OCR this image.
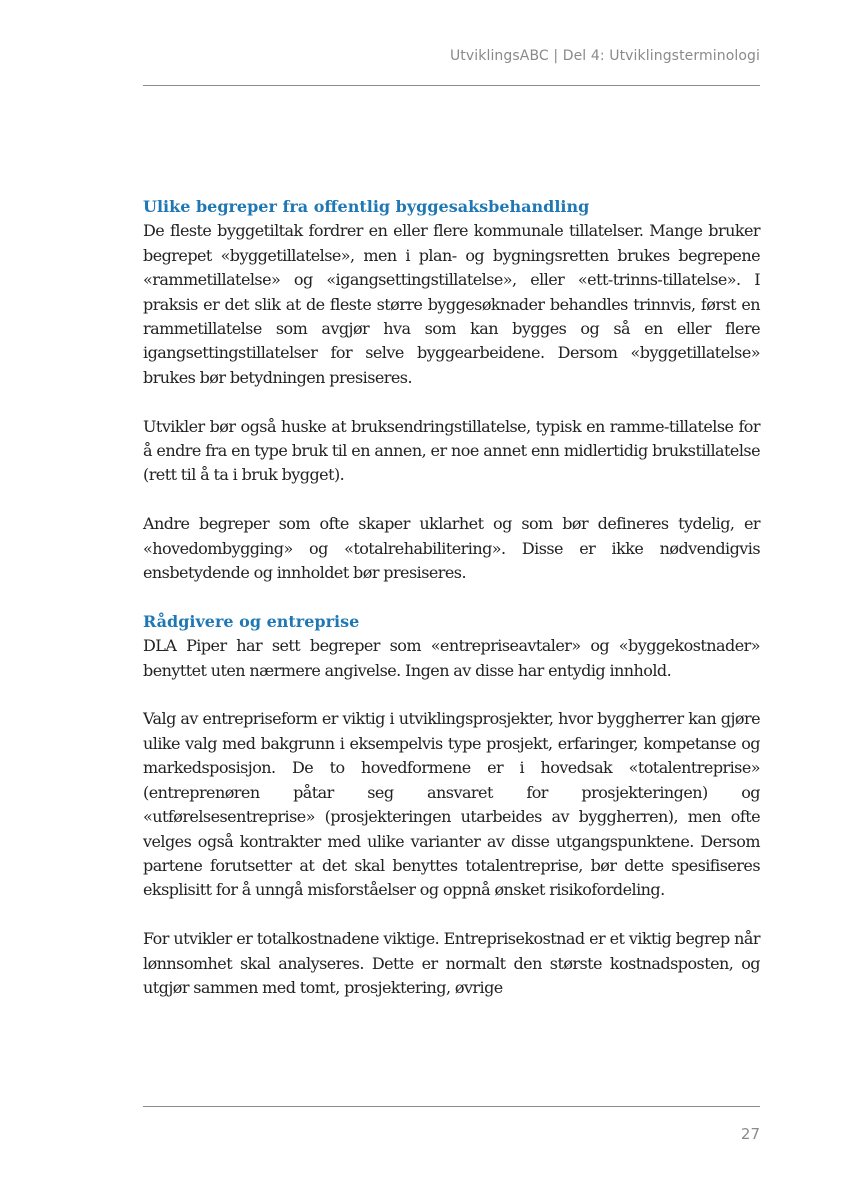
UtviklingsABC | Del 4: Utviklingsterminologi
Ulike begreper fra offentlig byggesaksbehandling

De fleste byggetiltak fordrer en eller flere kommunale tillatelser. Mange bruker begrepet «byggetillatelse», men i plan- og bygningsretten brukes begrepene «rammetillatelse» og «igangsettingstillatelse», eller «ett-trinns-tillatelse». I praksis er det slik at de fleste større byggesøknader behandles trinnvis, først en rammetillatelse som avgjør hva som kan bygges og så en eller flere igangsettingstillatelser for selve byggearbeidene. Dersom «byggetillatelse» brukes bør betydningen presiseres.

Utvikler bør også huske at bruksendringstillatelse, typisk en ramme-tillatelse for å endre fra en type bruk til en annen, er noe annet enn midlertidig brukstillatelse (rett til å ta i bruk bygget).

Andre begreper som ofte skaper uklarhet og som bør defineres tydelig, er «hovedombygging» og «totalrehabilitering». Disse er ikke nødvendigvis ensbetydende og innholdet bør presiseres.

Rådgivere og entreprise

DLA Piper har sett begreper som «entrepriseavtaler» og «byggekostnader» benyttet uten nærmere angivelse. Ingen av disse har entydig innhold.

Valg av entrepriseform er viktig i utviklingsprosjekter, hvor byggherrer kan gjøre ulike valg med bakgrunn i eksempelvis type prosjekt, erfaringer, kompetanse og markedsposisjon. De to hovedformene er i hovedsak «totalentreprise» (entreprenøren påtar seg ansvaret for prosjekteringen) og «utførelsesentreprise» (prosjekteringen utarbeides av byggherren), men ofte velges også kontrakter med ulike varianter av disse utgangspunktene. Dersom partene forutsetter at det skal benyttes totalentreprise, bør dette spesifiseres eksplisitt for å unngå misforståelser og oppnå ønsket risikofordeling.

For utvikler er totalkostnadene viktige. Entreprisekostnad er et viktig begrep når lønnsomhet skal analyseres. Dette er normalt den største kostnadsposten, og utgjør sammen med tomt, prosjektering, øvrige

27
